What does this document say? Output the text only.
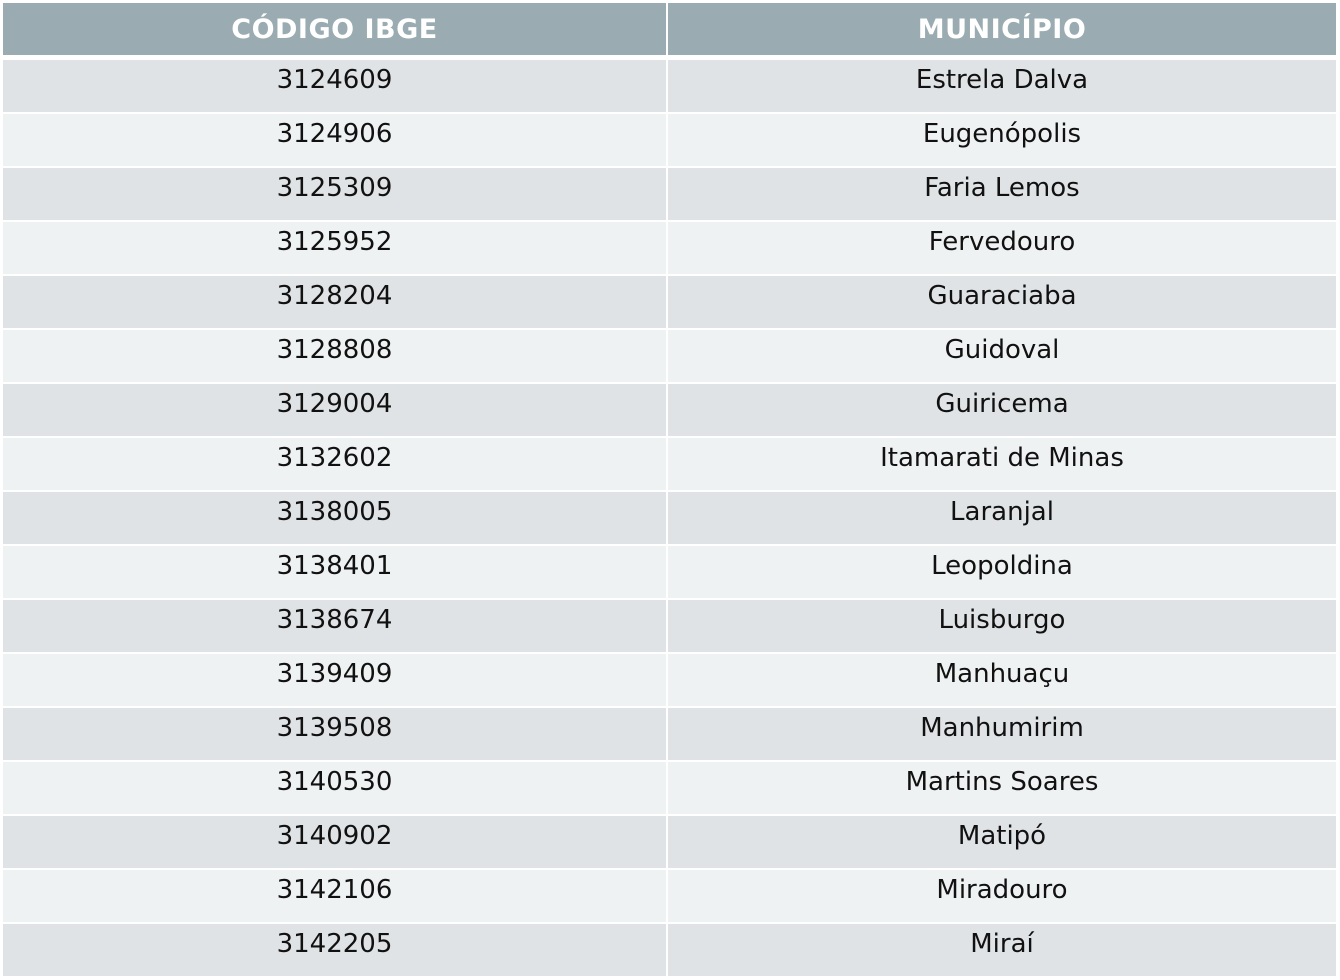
CÓDIGO IBGE	MUNICÍPIO
3124609	Estrela Dalva
3124906	Eugenópolis
3125309	Faria Lemos
3125952	Fervedouro
3128204	Guaraciaba
3128808	Guidoval
3129004	Guiricema
3132602	Itamarati de Minas
3138005	Laranjal
3138401	Leopoldina
3138674	Luisburgo
3139409	Manhuaçu
3139508	Manhumirim
3140530	Martins Soares
3140902	Matipó
3142106	Miradouro
3142205	Miraí
